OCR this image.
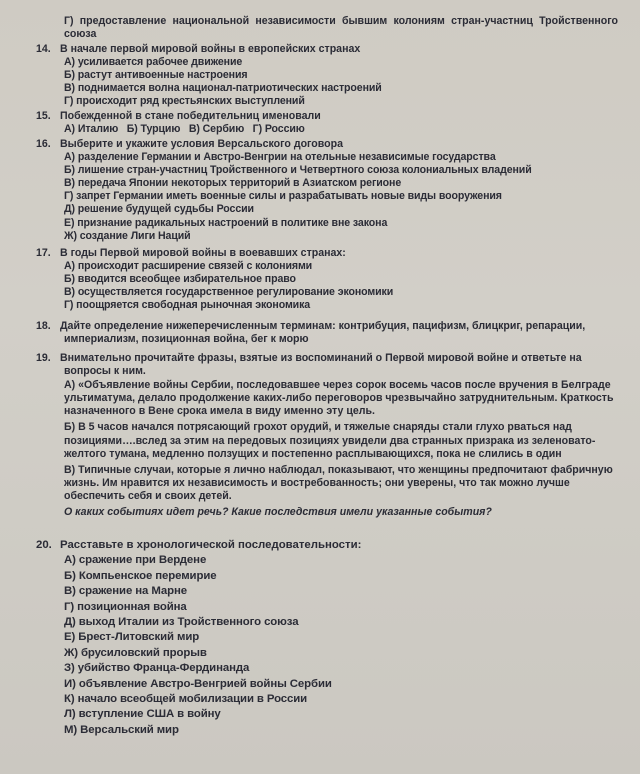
Г) предоставление национальной независимости бывшим колониям стран-участниц Тройственного союза
14. В начале первой мировой войны в европейских странах
А) усиливается рабочее движение
Б) растут антивоенные настроения
В) поднимается волна национал-патриотических настроений
Г) происходит ряд крестьянских выступлений
15. Побежденной в стане победительниц именовали
А) Италию   Б) Турцию   В) Сербию   Г) Россию
16. Выберите и укажите условия Версальского договора
А) разделение Германии и Австро-Венгрии на отельные независимые государства
Б) лишение стран-участниц Тройственного и Четвертного союза колониальных владений
В) передача Японии некоторых территорий в Азиатском регионе
Г) запрет Германии иметь военные силы и разрабатывать новые виды вооружения
Д) решение будущей судьбы России
Е) признание радикальных настроений в политике вне закона
Ж) создание Лиги Наций
17. В годы Первой мировой войны в воевавших странах:
А) происходит расширение связей с колониями
Б) вводится всеобщее избирательное право
В) осуществляется государственное регулирование экономики
Г) поощряется свободная рыночная экономика
18. Дайте определение нижеперечисленным терминам: контрибуция, пацифизм, блицкриг, репарации,
империализм, позиционная война, бег к морю
19. Внимательно прочитайте фразы, взятые из воспоминаний о Первой мировой войне и ответьте на
вопросы к ним.
А) «Объявление войны Сербии, последовавшее через сорок восемь часов после вручения в Белграде
ультиматума, делало продолжение каких-либо переговоров чрезвычайно затруднительным. Краткость
назначенного в Вене срока имела в виду именно эту цель.
Б) В 5 часов начался потрясающий грохот орудий, и тяжелые снаряды стали глухо рваться над
позициями….вслед за этим на передовых позициях увидели два странных призрака из зеленовато-
желтого тумана, медленно ползущих и постепенно расплывающихся, пока не слились в один
В) Типичные случаи, которые я лично наблюдал, показывают, что женщины предпочитают фабричную
жизнь. Им нравится их независимость и востребованность; они уверены, что так можно лучше
обеспечить себя и своих детей.
О каких событиях идет речь? Какие последствия имели указанные события?
20. Расставьте в хронологической последовательности:
А) сражение при Вердене
Б) Компьенское перемирие
В) сражение на Марне
Г) позиционная война
Д) выход Италии из Тройственного союза
Е) Брест-Литовский мир
Ж) брусиловский прорыв
З) убийство Франца-Фердинанда
И) объявление Австро-Венгрией войны Сербии
К) начало всеобщей мобилизации в России
Л) вступление США в войну
М) Версальский мир
